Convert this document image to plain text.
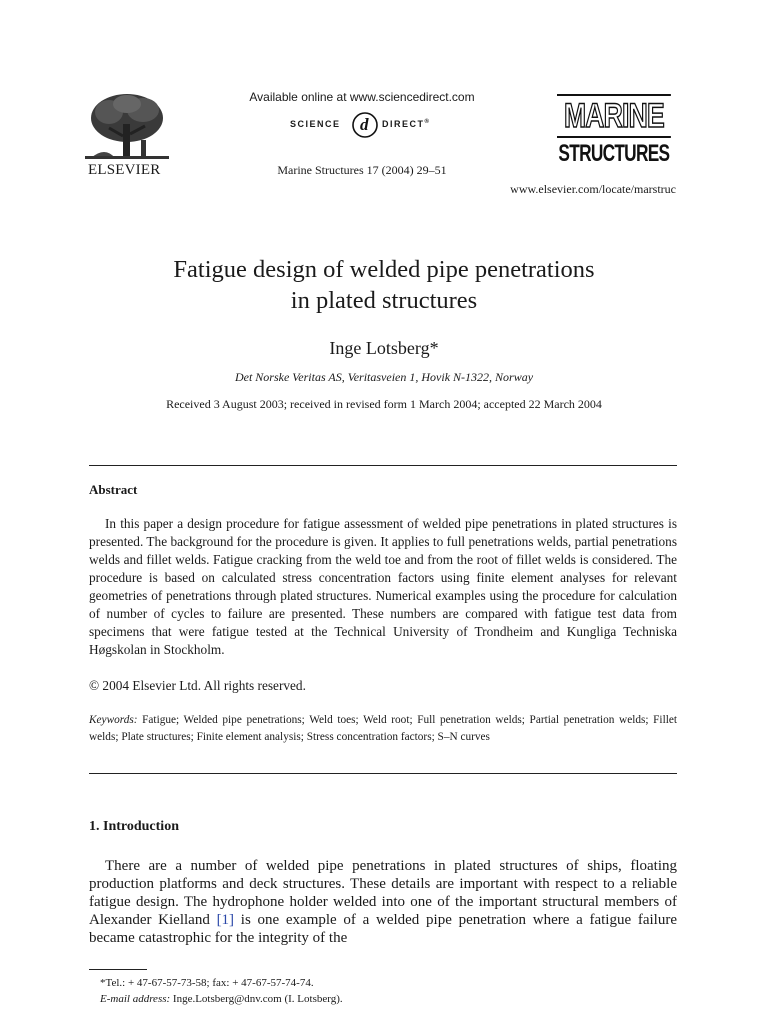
ELSEVIER
Available online at www.sciencedirect.com
SCIENCE d DIRECT®
Marine Structures 17 (2004) 29–51
MARINE
STRUCTURES
www.elsevier.com/locate/marstruc
Fatigue design of welded pipe penetrations
in plated structures
Inge Lotsberg*
Det Norske Veritas AS, Veritasveien 1, Hovik N-1322, Norway
Received 3 August 2003; received in revised form 1 March 2004; accepted 22 March 2004
Abstract

In this paper a design procedure for fatigue assessment of welded pipe penetrations in plated structures is presented. The background for the procedure is given. It applies to full penetrations welds, partial penetrations welds and fillet welds. Fatigue cracking from the weld toe and from the root of fillet welds is considered. The procedure is based on calculated stress concentration factors using finite element analyses for relevant geometries of penetrations through plated structures. Numerical examples using the procedure for calculation of number of cycles to failure are presented. These numbers are compared with fatigue test data from specimens that were fatigue tested at the Technical University of Trondheim and Kungliga Techniska Høgskolan in Stockholm.

© 2004 Elsevier Ltd. All rights reserved.
Keywords: Fatigue; Welded pipe penetrations; Weld toes; Weld root; Full penetration welds; Partial penetration welds; Fillet welds; Plate structures; Finite element analysis; Stress concentration factors; S–N curves
1. Introduction

There are a number of welded pipe penetrations in plated structures of ships, floating production platforms and deck structures. These details are important with respect to a reliable fatigue design. The hydrophone holder welded into one of the important structural members of Alexander Kielland [1] is one example of a welded pipe penetration where a fatigue failure became catastrophic for the integrity of the

*Tel.: + 47-67-57-73-58; fax: + 47-67-57-74-74.
E-mail address: Inge.Lotsberg@dnv.com (I. Lotsberg).
